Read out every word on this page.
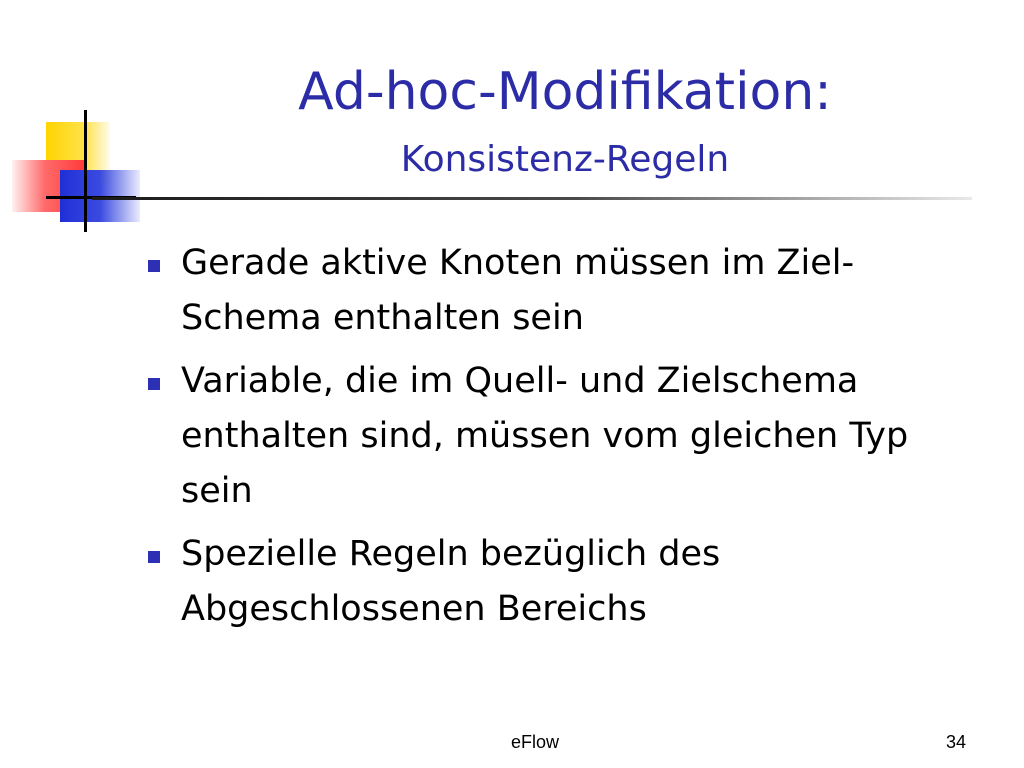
Ad-hoc-Modifikation:
Konsistenz-Regeln
Gerade aktive Knoten müssen im Ziel-Schema enthalten sein
Variable, die im Quell- und Zielschema enthalten sind, müssen vom gleichen Typ sein
Spezielle Regeln bezüglich des Abgeschlossenen Bereichs
eFlow	34
